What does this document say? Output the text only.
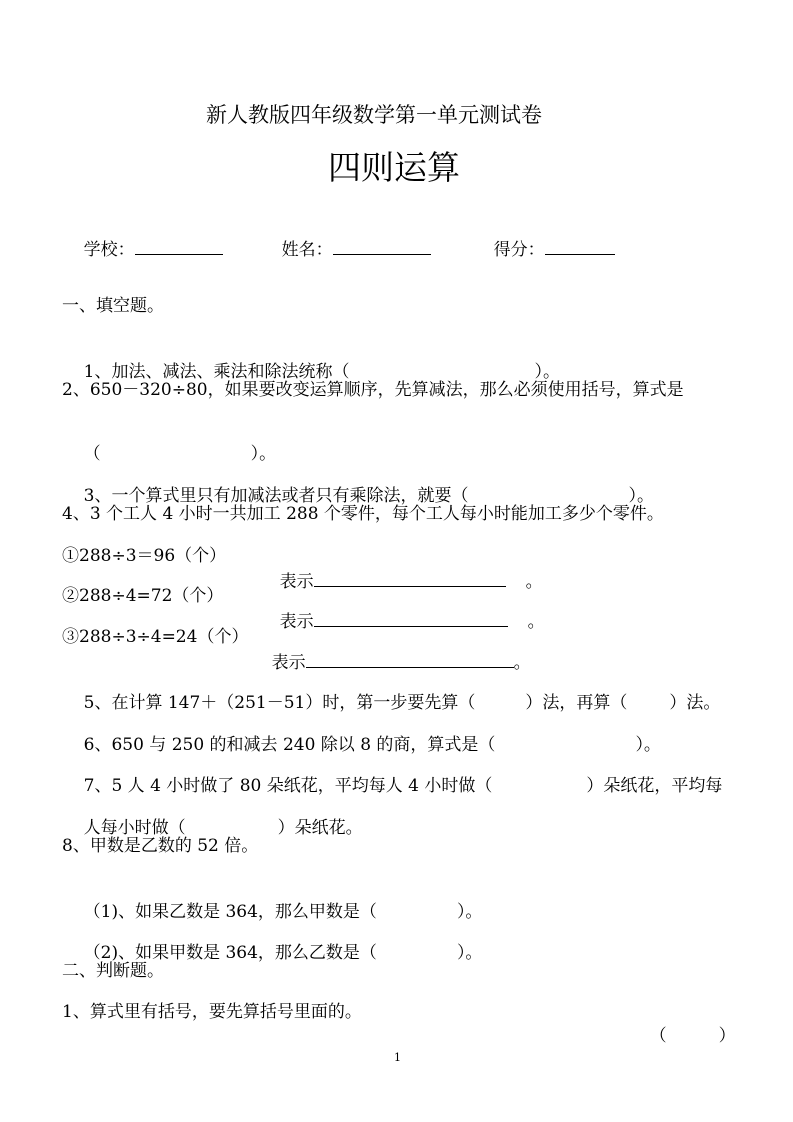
新人教版四年级数学第一单元测试卷
四则运算

学校：
	姓名：
	得分：

一、填空题。

1、加法、减法、乘法和除法统称（	）。

2、650－320÷80，如果要改变运算顺序，先算减法，那么必须使用括号，算式是

（	）。

3、一个算式里只有加减法或者只有乘除法，就要（	）。

4、3 个工人 4 小时一共加工 288 个零件，每个工人每小时能加工多少个零件。
①288÷3＝96（个）

表示	。

②288÷4=72（个）

表示	。

③288÷3÷4=24（个）

表示	。

5、在计算 147＋（251－51）时，第一步要先算（	）法，再算（ ）法。

6、650 与 250 的和减去 240 除以 8 的商，算式是（	）。

7、5 人 4 小时做了 80 朵纸花，平均每人 4 小时做（	）朵纸花，平均每

人每小时做（	）朵纸花。

8、甲数是乙数的 52 倍。

（1)、如果乙数是 364，那么甲数是（	）。

（2)、如果甲数是 364，那么乙数是（	）。

二、判断题。
1、算式里有括号，要先算括号里面的。

（	）

1
